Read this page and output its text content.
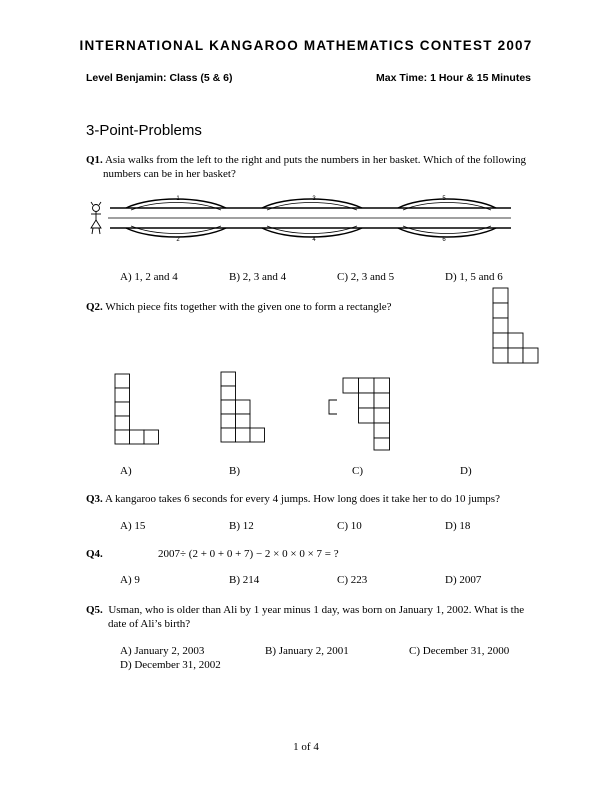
INTERNATIONAL KANGAROO MATHEMATICS CONTEST 2007
Level Benjamin: Class (5 & 6)	Max Time: 1 Hour & 15 Minutes
3-Point-Problems
Q1. Asia walks from the left to the right and puts the numbers in her basket. Which of the following
numbers can be in her basket?
1
2
3
4
5
6
A) 1, 2 and 4	B) 2, 3 and 4	C) 2, 3 and 5	D) 1, 5 and 6
Q2. Which piece fits together with the given one to form a rectangle?
A)	B)	C)	D)
Q3. A kangaroo takes 6 seconds for every 4 jumps. How long does it take her to do 10 jumps?
A) 15	B) 12	C) 10	D) 18
Q4.	2007÷ (2 + 0 + 0 + 7) − 2 × 0 × 0 × 7 = ?
A) 9	B) 214	C) 223	D) 2007
Q5. Usman, who is older than Ali by 1 year minus 1 day, was born on January 1, 2002. What is the
date of Ali’s birth?
A) January 2, 2003	B) January 2, 2001	C) December 31, 2000
D) December 31, 2002
1 of 4
